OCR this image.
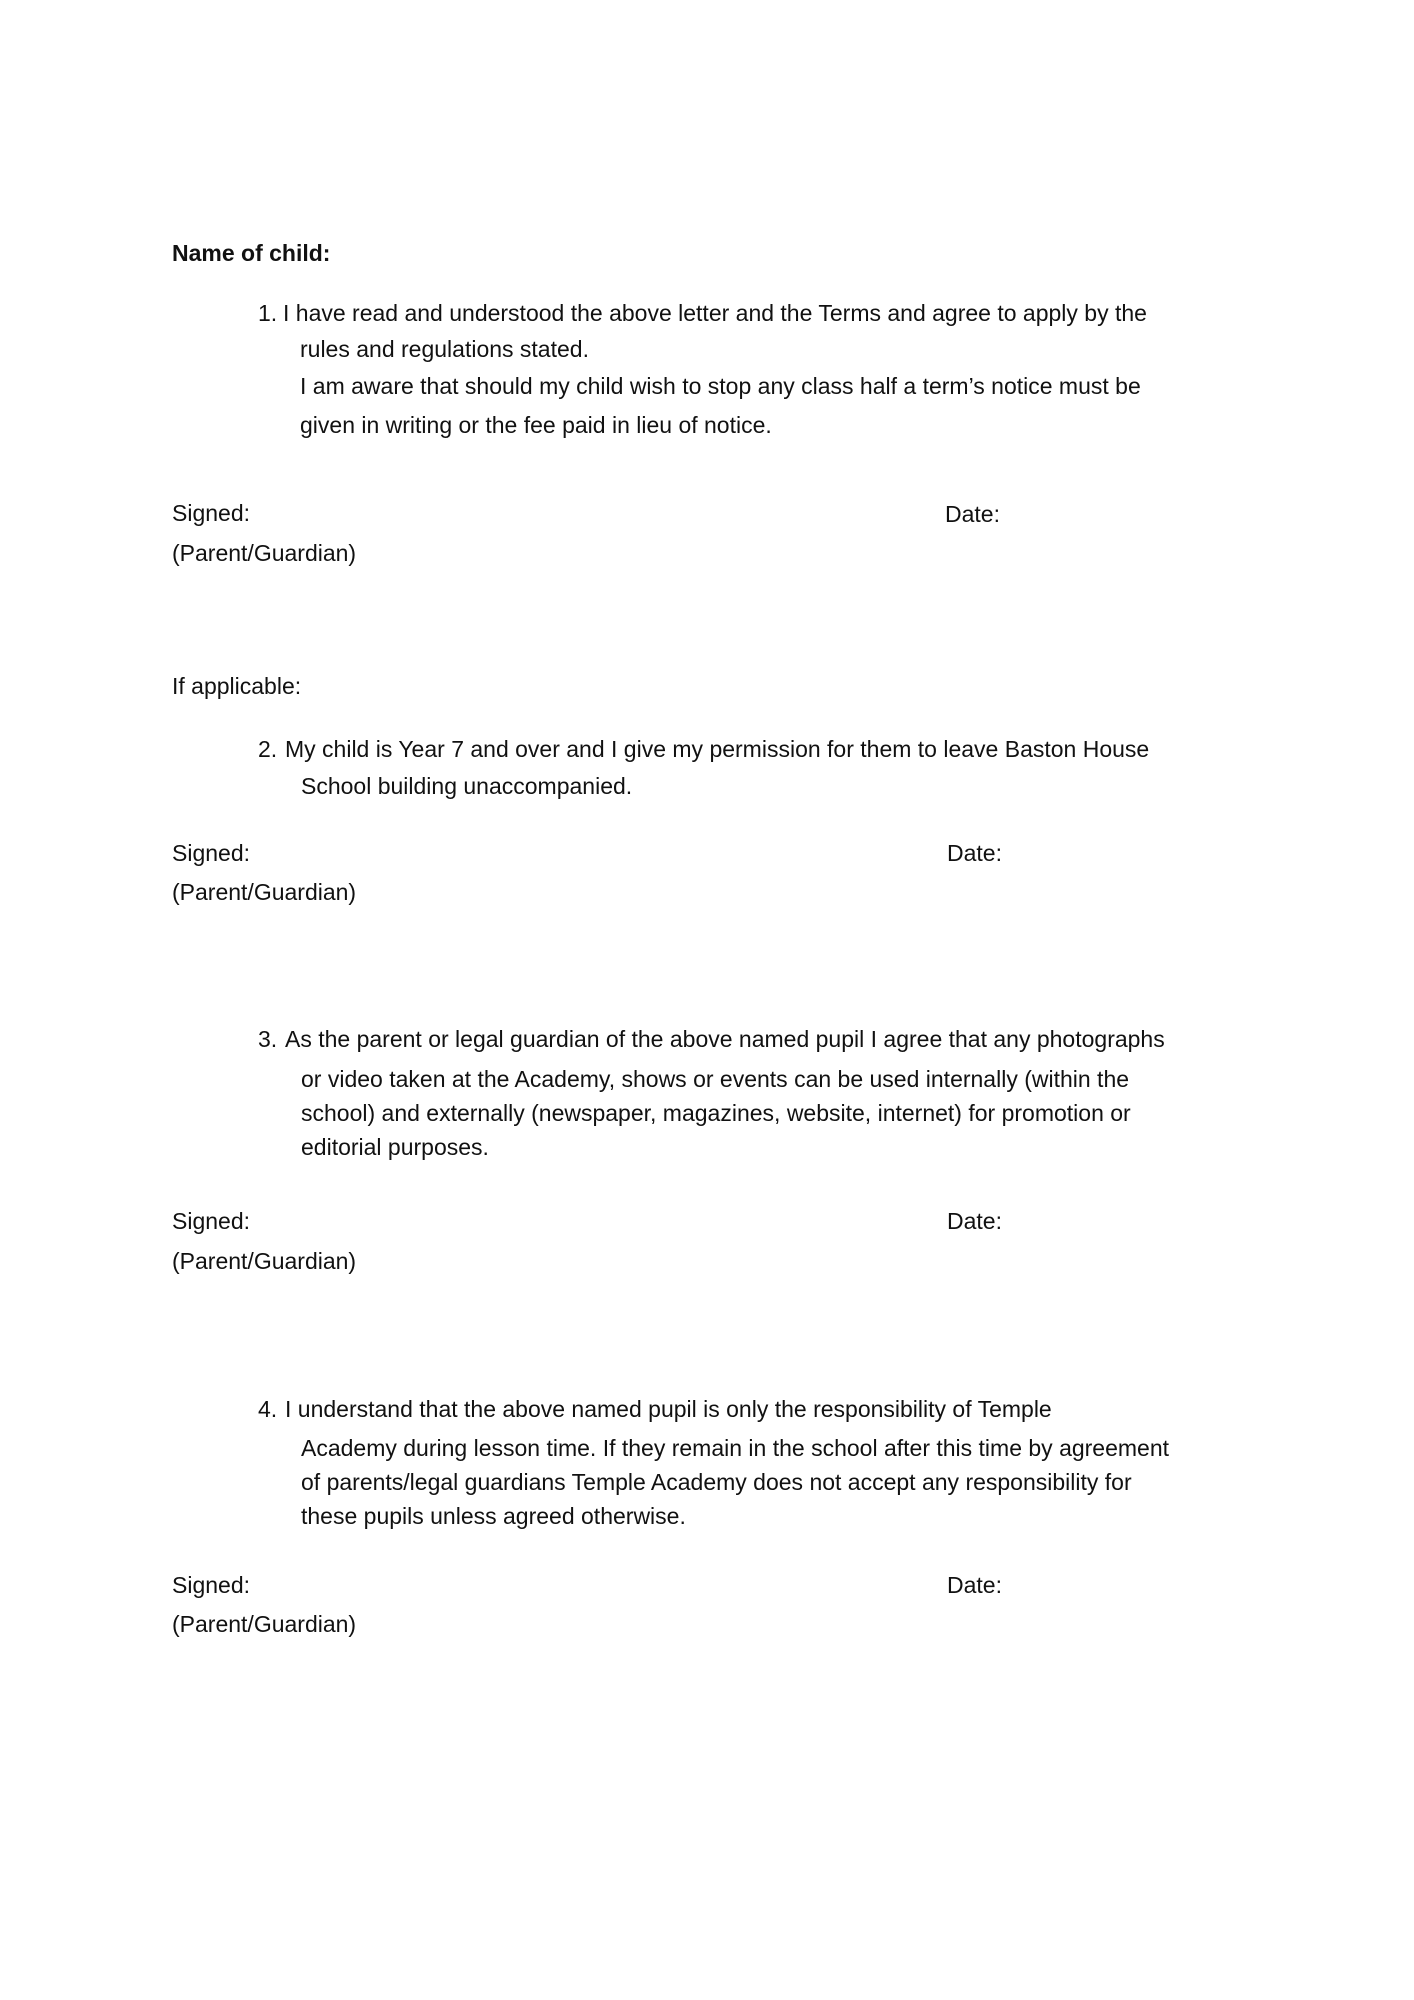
Name of child:
1. I have read and understood the above letter and the Terms and agree to apply by the
rules and regulations stated.
I am aware that should my child wish to stop any class half a term’s notice must be
given in writing or the fee paid in lieu of notice.
Signed:	Date:
(Parent/Guardian)
If applicable:
2. My child is Year 7 and over and I give my permission for them to leave Baston House
School building unaccompanied.
Signed:	Date:
(Parent/Guardian)
3. As the parent or legal guardian of the above named pupil I agree that any photographs
or video taken at the Academy, shows or events can be used internally (within the
school) and externally (newspaper, magazines, website, internet) for promotion or
editorial purposes.
Signed:	Date:
(Parent/Guardian)
4. I understand that the above named pupil is only the responsibility of Temple
Academy during lesson time. If they remain in the school after this time by agreement
of parents/legal guardians Temple Academy does not accept any responsibility for
these pupils unless agreed otherwise.
Signed:	Date:
(Parent/Guardian)
